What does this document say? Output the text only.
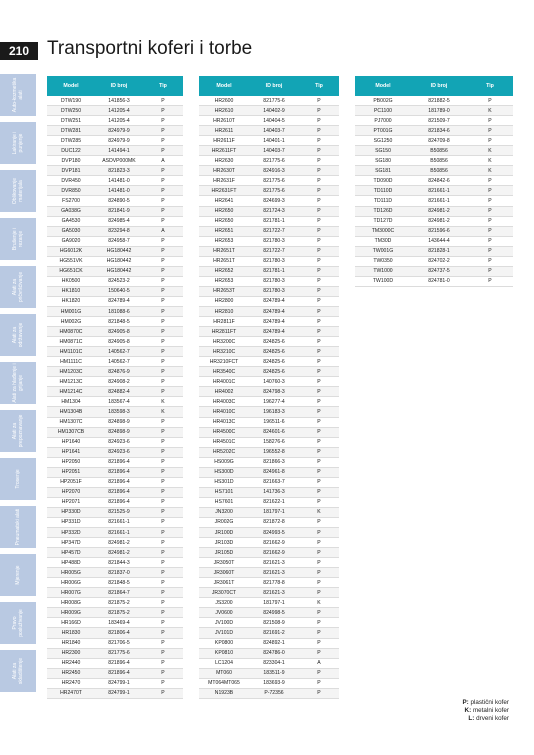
210 Transportni koferi i torbe
Auto-kozmetika alati
Lakiranje i punjenje
Oblikovanje materijala
Brušenje i rezanje
Alati za pričvršćivanje
Alati za održavanje
Alati za hlađenje i grijanje
Alati za prepoznavanje
Trosenje
Pneumatski alati
Mjerenje
Pravo posluživanje
Alati za skladištenje
Model	ID broj	Tip
DTW190	141856-3	P
DTW250	141205-4	P
DTW251	141205-4	P
DTW281	824979-9	P
DTW285	824979-9	P
DUC122	141494-1	P
DVP180	ASDVP000MK	A
DVP181	821823-3	P
DVR450	141481-0	P
DVR850	141481-0	P
FS2700	824890-5	P
GA038G	821841-9	P
GA4530	824985-4	P
GA5030	823294-8	A
GA9020	824958-7	P
HG6012K	HG180442	P
HG551VK	HG180442	P
HG651CK	HG180442	P
HK0500	824523-2	P
HK1810	150640-5	P
HK1820	824789-4	P
HM001G	181088-6	P
HM002G	821848-5	P
HM0870C	824905-8	P
HM0871C	824905-8	P
HM1101C	140562-7	P
HM1111C	140562-7	P
HM1203C	824876-9	P
HM1213C	824908-2	P
HM1214C	824882-4	P
HM1304	183567-4	K
HM1304B	183598-3	K
HM1307C	824898-9	P
HM1307CB	824898-9	P
HP1640	824923-6	P
HP1641	824923-6	P
HP2050	821896-4	P
HP2051	821896-4	P
HP2051F	821896-4	P
HP2070	821896-4	P
HP2071	821896-4	P
HP330D	821525-9	P
HP331D	821661-1	P
HP332D	821661-1	P
HP347D	824981-2	P
HP457D	824981-2	P
HP488D	821844-3	P
HR005G	821837-0	P
HR006G	821848-5	P
HR007G	821864-7	P
HR008G	821875-2	P
HR009G	821875-2	P
HR166D	183469-4	P
HR1830	821806-4	P
HR1840	821706-5	P
HR2300	821775-6	P
HR2440	821896-4	P
HR2450	821896-4	P
HR2470	824799-1	P
HR2470T	824799-1	P
Model	ID broj	Tip
HR2600	821775-6	P
HR2610	140402-9	P
HR2610T	140404-5	P
HR2611	140403-7	P
HR2611F	140401-1	P
HR2611FT	140403-7	P
HR2630	821775-6	P
HR2630T	824916-3	P
HR2631F	821775-6	P
HR2631FT	821775-6	P
HR2641	824699-3	P
HR2650	821724-3	P
HR2650	821781-1	P
HR2651	821722-7	P
HR2653	821780-3	P
HR2651T	821722-7	P
HR2651T	821780-3	P
HR2652	821781-1	P
HR2653	821780-3	P
HR2653T	821780-3	P
HR2800	824789-4	P
HR2810	824789-4	P
HR2811F	824789-4	P
HR2811FT	824789-4	P
HR3200C	824825-6	P
HR3210C	824825-6	P
HR3210FCT	824825-6	P
HR3540C	824825-6	P
HR4001C	140760-3	P
HR4002	824798-3	P
HR4003C	196277-4	P
HR4010C	196183-3	P
HR4013C	196511-6	P
HR4500C	824601-6	P
HR4501C	158276-6	P
HR5202C	196552-8	P
HS009G	821866-3	P
HS300D	824961-8	P
HS301D	821663-7	P
HS7101	141736-3	P
HS7601	821622-1	P
JN3200	181797-1	K
JR002G	821872-8	P
JR100D	824993-5	P
JR103D	821662-9	P
JR105D	821662-9	P
JR3050T	821621-3	P
JR3060T	821621-3	P
JR3061T	821778-8	P
JR3070CT	821621-3	P
JS3200	181797-1	K
JV0600	824998-5	P
JV100D	821508-9	P
JV101D	821691-2	P
KP0800	824892-1	P
KP0810	824786-0	P
LC1204	823304-1	A
MT060	183511-9	P
MT064MT065	183693-9	P
N1923B	P-72356	P
Model	ID broj	Tip
PB002G	821882-5	P
PC1100	181789-0	K
PJ7000	821509-7	P
PT001G	821834-6	P
SG1250	824709-8	P
SG150	B50856	K
SG180	B50856	K
SG181	B50856	K
TD090D	824842-6	P
TD110D	821661-1	P
TD111D	821661-1	P
TD126D	824981-2	P
TD127D	824981-2	P
TM3000C	821596-6	P
TM30D	143644-4	P
TW001G	821828-1	P
TW0350	824702-2	P
TW1000	824737-5	P
TW100D	824781-0	P
P: plastični kofer
K: metalni kofer
L: drveni kofer
